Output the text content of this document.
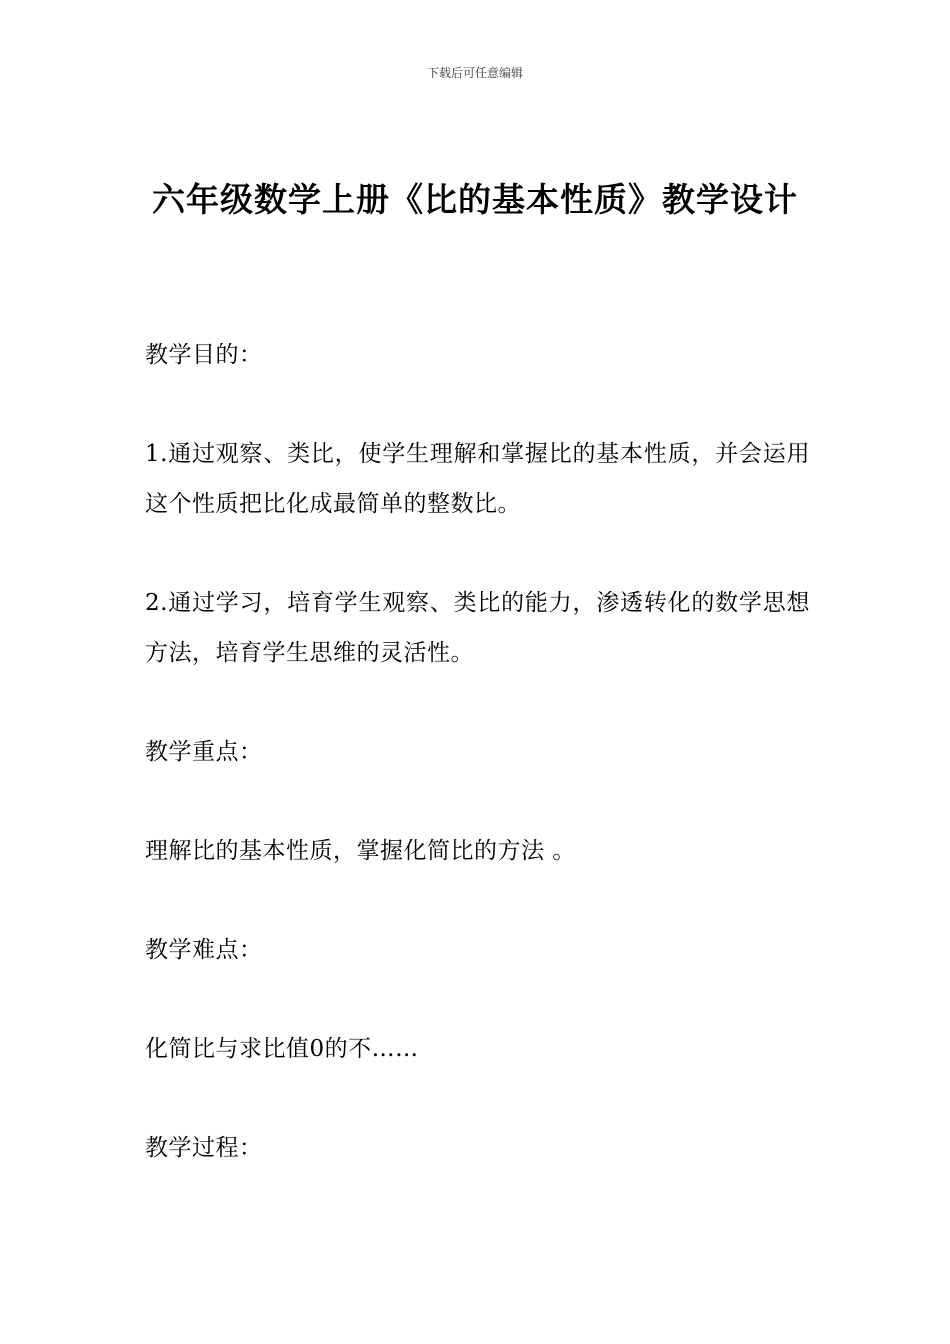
下载后可任意编辑
六年级数学上册《比的基本性质》教学设计

教学目的：

1.通过观察、类比，使学生理解和掌握比的基本性质，并会运用这个性质把比化成最简单的整数比。

2.通过学习，培育学生观察、类比的能力，渗透转化的数学思想方法，培育学生思维的灵活性。

教学重点：

理解比的基本性质，掌握化简比的方法 。

教学难点：

化简比与求比值0的不……

教学过程：
